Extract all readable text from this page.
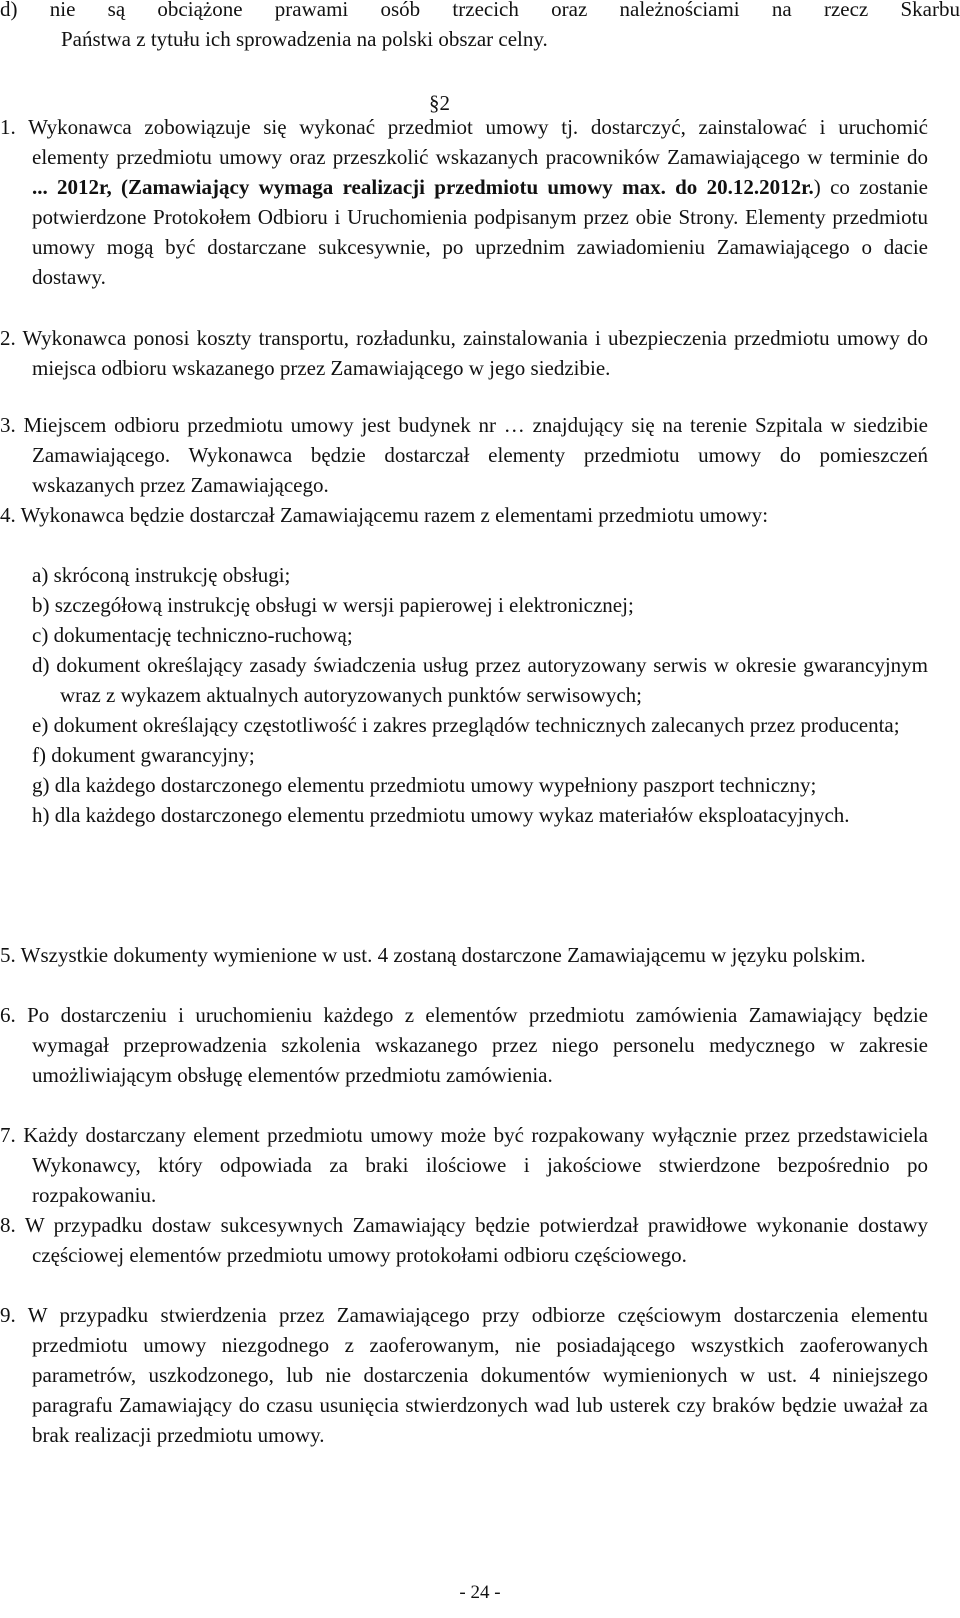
d) nie są obciążone prawami osób trzecich oraz należnościami na rzecz Skarbu
Państwa z tytułu ich sprowadzenia na polski obszar celny.
§2
1. Wykonawca zobowiązuje się wykonać przedmiot umowy tj. dostarczyć, zainstalować i uruchomić elementy przedmiotu umowy oraz przeszkolić wskazanych pracowników Zamawiającego w terminie do ... 2012r, (Zamawiający wymaga realizacji przedmiotu umowy max. do 20.12.2012r.) co zostanie potwierdzone Protokołem Odbioru i Uruchomienia podpisanym przez obie Strony. Elementy przedmiotu umowy mogą być dostarczane sukcesywnie, po uprzednim zawiadomieniu Zamawiającego o dacie dostawy.
2. Wykonawca ponosi koszty transportu, rozładunku, zainstalowania i ubezpieczenia przedmiotu umowy do miejsca odbioru wskazanego przez Zamawiającego w jego siedzibie.
3. Miejscem odbioru przedmiotu umowy jest budynek nr … znajdujący się na terenie Szpitala w siedzibie Zamawiającego. Wykonawca będzie dostarczał elementy przedmiotu umowy do pomieszczeń wskazanych przez Zamawiającego.
4. Wykonawca będzie dostarczał Zamawiającemu razem z elementami przedmiotu umowy:
a) skróconą instrukcję obsługi;
b) szczegółową instrukcję obsługi w wersji papierowej i elektronicznej;
c) dokumentację techniczno-ruchową;
d) dokument określający zasady świadczenia usług przez autoryzowany serwis w okresie gwarancyjnym wraz z wykazem aktualnych autoryzowanych punktów serwisowych;
e) dokument określający częstotliwość i zakres przeglądów technicznych zalecanych przez producenta;
f) dokument gwarancyjny;
g) dla każdego dostarczonego elementu przedmiotu umowy wypełniony paszport techniczny;
h) dla każdego dostarczonego elementu przedmiotu umowy wykaz materiałów eksploatacyjnych.
5. Wszystkie dokumenty wymienione w ust. 4 zostaną dostarczone Zamawiającemu w języku polskim.
6. Po dostarczeniu i uruchomieniu każdego z elementów przedmiotu zamówienia Zamawiający będzie wymagał przeprowadzenia szkolenia wskazanego przez niego personelu medycznego w zakresie umożliwiającym obsługę elementów przedmiotu zamówienia.
7. Każdy dostarczany element przedmiotu umowy może być rozpakowany wyłącznie przez przedstawiciela Wykonawcy, który odpowiada za braki ilościowe i jakościowe stwierdzone bezpośrednio po rozpakowaniu.
8. W przypadku dostaw sukcesywnych Zamawiający będzie potwierdzał prawidłowe wykonanie dostawy częściowej elementów przedmiotu umowy protokołami odbioru częściowego.
9. W przypadku stwierdzenia przez Zamawiającego przy odbiorze częściowym dostarczenia elementu przedmiotu umowy niezgodnego z zaoferowanym, nie posiadającego wszystkich zaoferowanych parametrów, uszkodzonego, lub nie dostarczenia dokumentów wymienionych w ust. 4 niniejszego paragrafu Zamawiający do czasu usunięcia stwierdzonych wad lub usterek czy braków będzie uważał za brak realizacji przedmiotu umowy.
- 24 -
